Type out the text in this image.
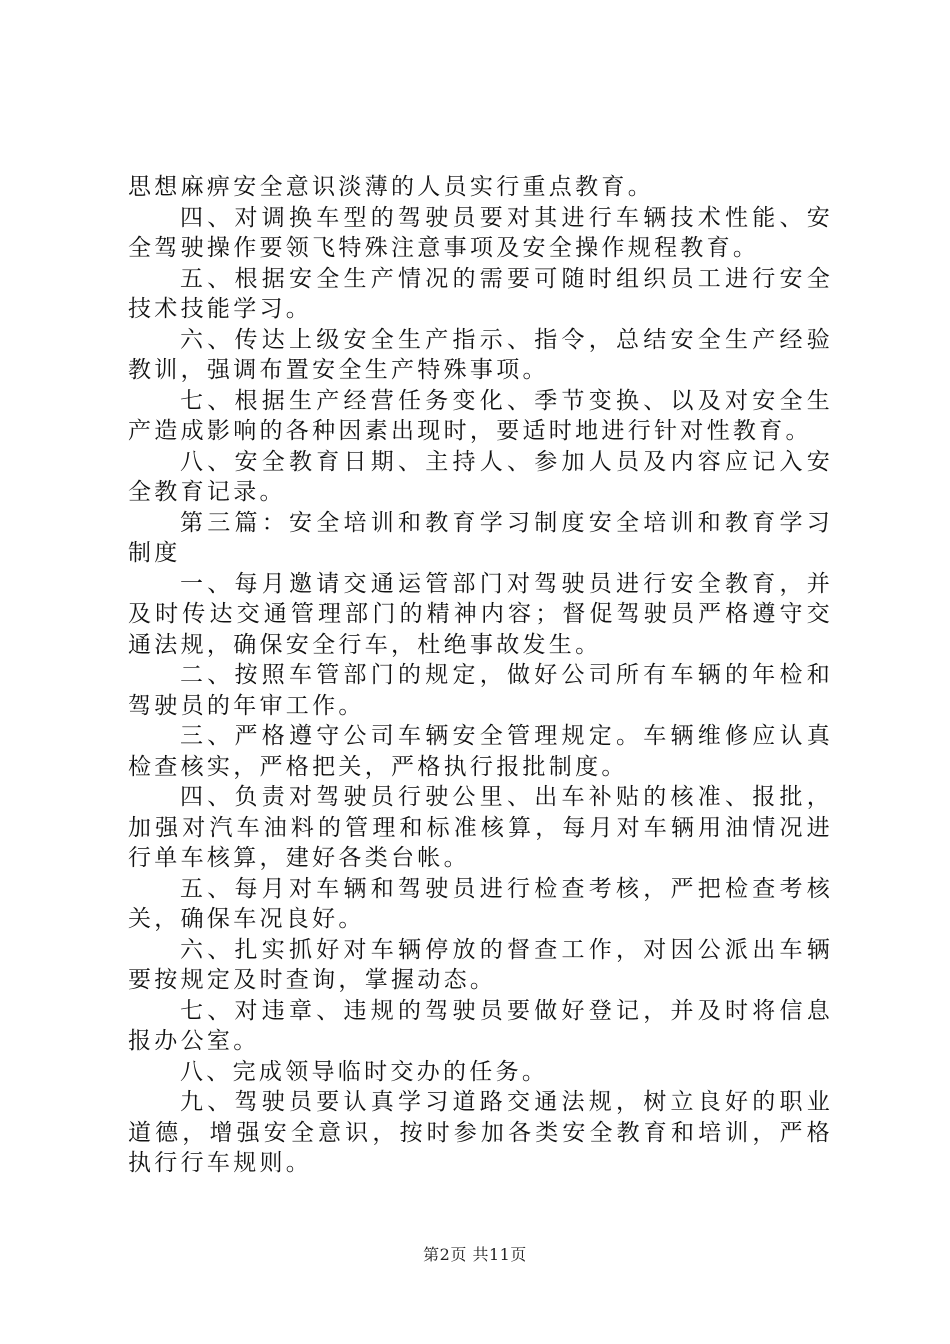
思想麻痹安全意识淡薄的人员实行重点教育。

四、对调换车型的驾驶员要对其进行车辆技术性能、安全驾驶操作要领飞特殊注意事项及安全操作规程教育。

五、根据安全生产情况的需要可随时组织员工进行安全技术技能学习。

六、传达上级安全生产指示、指令，总结安全生产经验教训，强调布置安全生产特殊事项。

七、根据生产经营任务变化、季节变换、以及对安全生产造成影响的各种因素出现时，要适时地进行针对性教育。

八、安全教育日期、主持人、参加人员及内容应记入安全教育记录。

第三篇：安全培训和教育学习制度安全培训和教育学习制度

一、每月邀请交通运管部门对驾驶员进行安全教育，并及时传达交通管理部门的精神内容；督促驾驶员严格遵守交通法规，确保安全行车，杜绝事故发生。

二、按照车管部门的规定，做好公司所有车辆的年检和驾驶员的年审工作。

三、严格遵守公司车辆安全管理规定。车辆维修应认真检查核实，严格把关，严格执行报批制度。

四、负责对驾驶员行驶公里、出车补贴的核准、报批，加强对汽车油料的管理和标准核算，每月对车辆用油情况进行单车核算，建好各类台帐。

五、每月对车辆和驾驶员进行检查考核，严把检查考核关，确保车况良好。

六、扎实抓好对车辆停放的督查工作，对因公派出车辆要按规定及时查询，掌握动态。

七、对违章、违规的驾驶员要做好登记，并及时将信息报办公室。

八、完成领导临时交办的任务。

九、驾驶员要认真学习道路交通法规，树立良好的职业道德，增强安全意识，按时参加各类安全教育和培训，严格执行行车规则。

第2页 共11页
